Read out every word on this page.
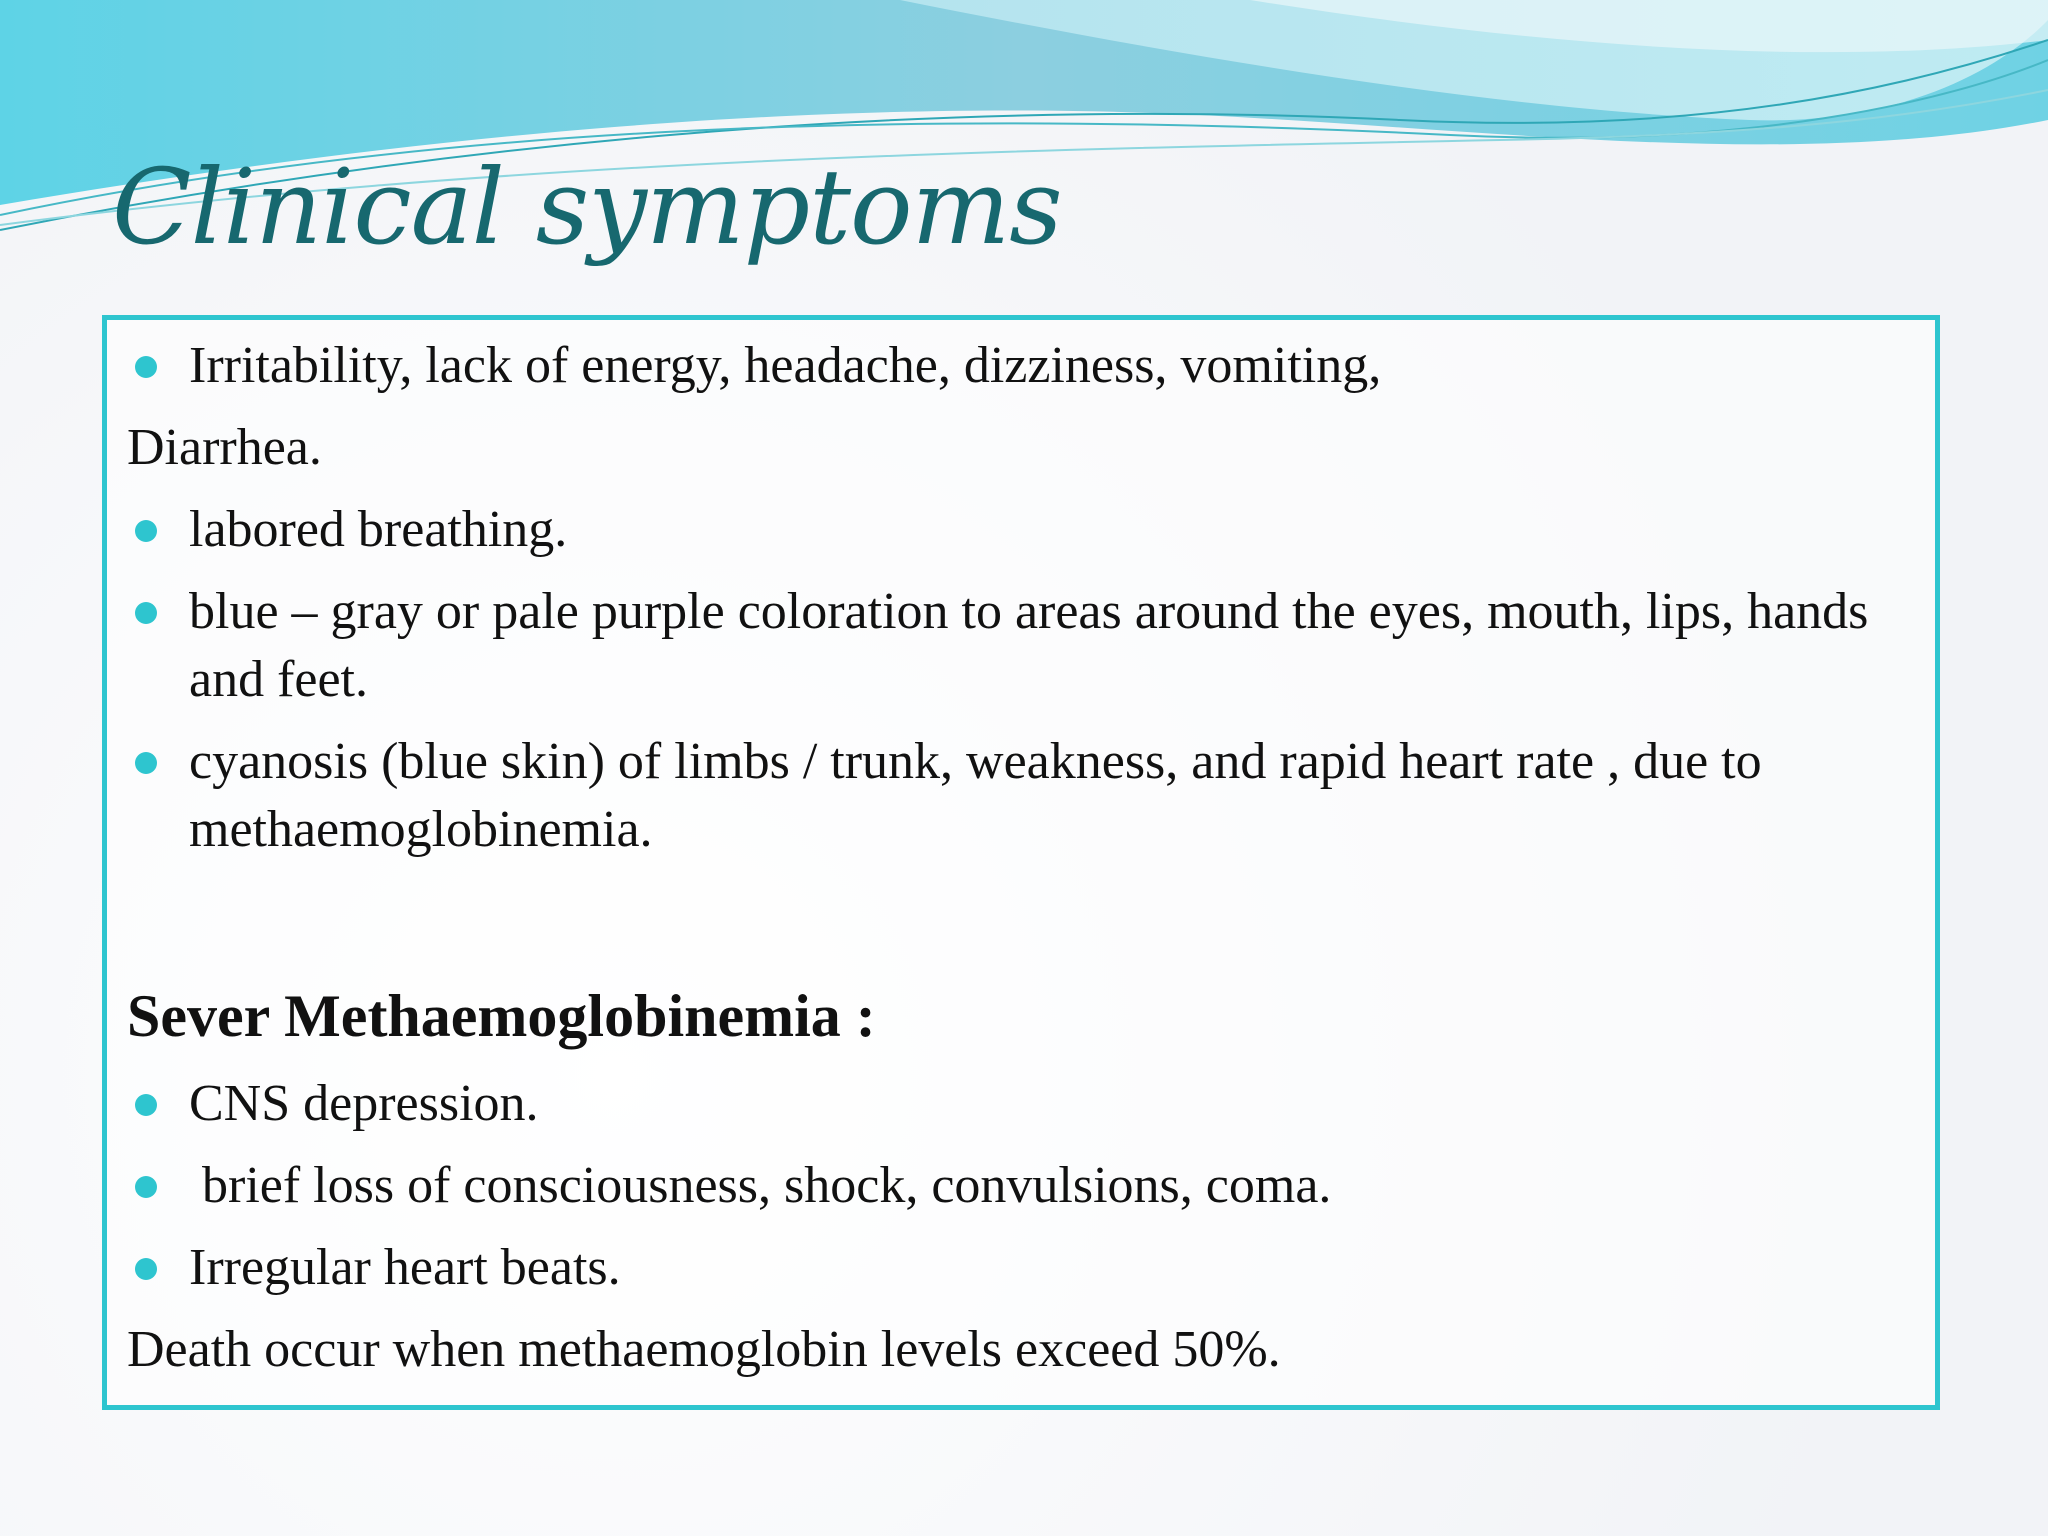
Clinical symptoms
Irritability, lack of energy, headache, dizziness, vomiting,
Diarrhea.
labored breathing.
blue – gray or pale purple coloration to areas around the eyes, mouth, lips, hands and feet.
cyanosis (blue skin) of limbs / trunk, weakness, and rapid heart rate , due to methaemoglobinemia.
Sever Methaemoglobinemia :
CNS depression.
brief loss of consciousness, shock, convulsions, coma.
Irregular heart beats.
Death occur when methaemoglobin levels exceed 50%.
